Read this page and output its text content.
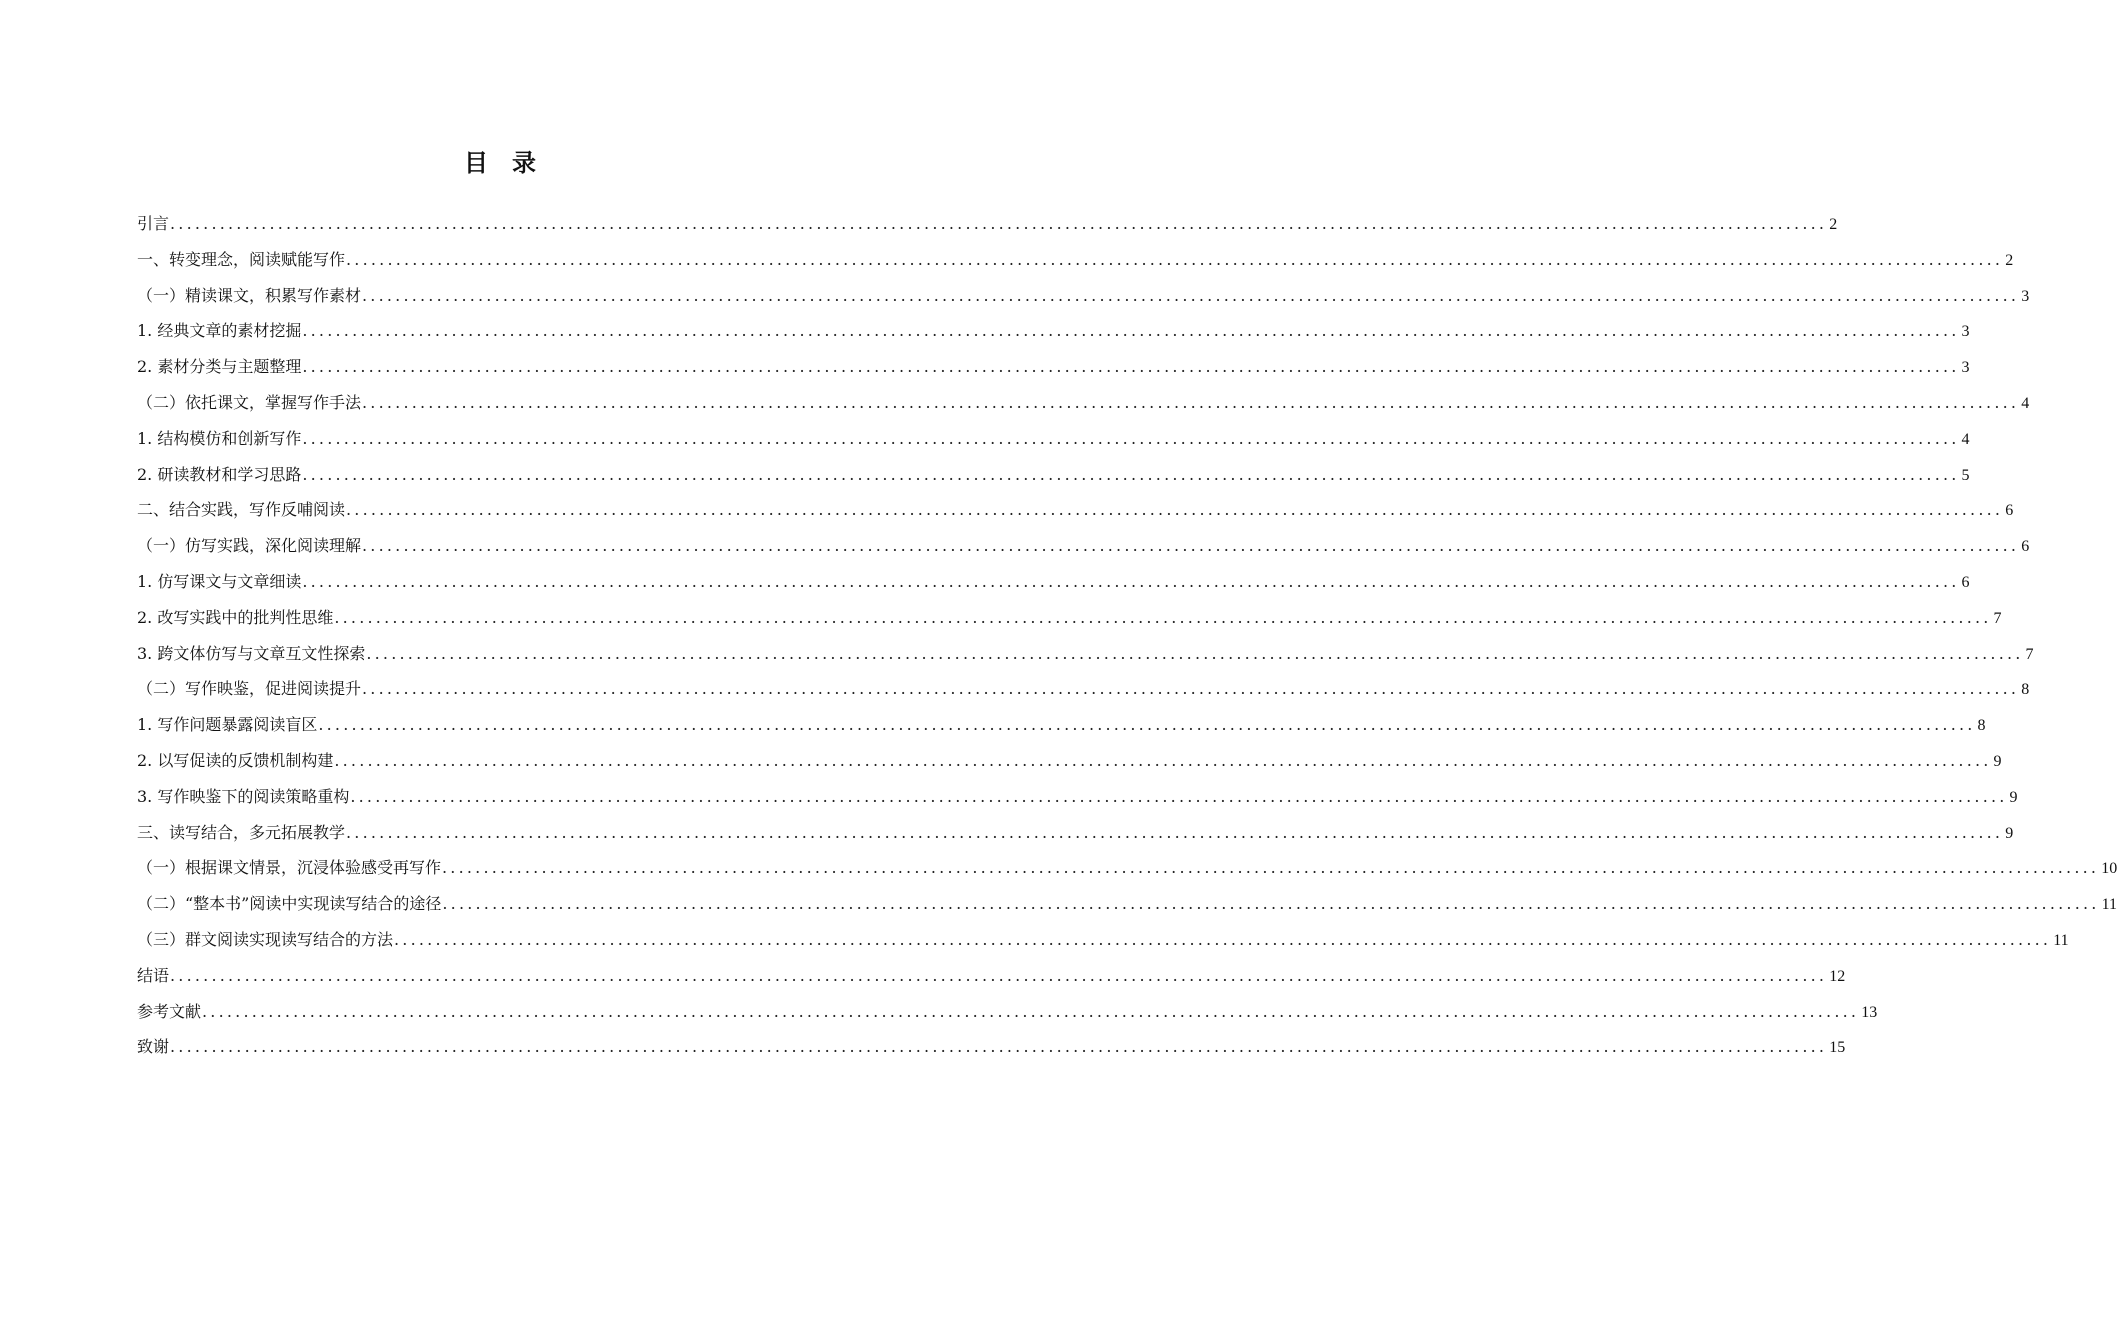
目 录
引言 ........................................................................................................................................................................................................ 2
一、转变理念，阅读赋能写作 ........................................................................................................................................................................................................ 2
（一）精读课文，积累写作素材 ........................................................................................................................................................................................................ 3
1. 经典文章的素材挖掘 ........................................................................................................................................................................................................ 3
2. 素材分类与主题整理 ........................................................................................................................................................................................................ 3
（二）依托课文，掌握写作手法 ........................................................................................................................................................................................................ 4
1. 结构模仿和创新写作 ........................................................................................................................................................................................................ 4
2. 研读教材和学习思路 ........................................................................................................................................................................................................ 5
二、结合实践，写作反哺阅读 ........................................................................................................................................................................................................ 6
（一）仿写实践，深化阅读理解 ........................................................................................................................................................................................................ 6
1. 仿写课文与文章细读 ........................................................................................................................................................................................................ 6
2. 改写实践中的批判性思维 ........................................................................................................................................................................................................ 7
3. 跨文体仿写与文章互文性探索 ........................................................................................................................................................................................................ 7
（二）写作映鉴，促进阅读提升 ........................................................................................................................................................................................................ 8
1. 写作问题暴露阅读盲区 ........................................................................................................................................................................................................ 8
2. 以写促读的反馈机制构建 ........................................................................................................................................................................................................ 9
3. 写作映鉴下的阅读策略重构 ........................................................................................................................................................................................................ 9
三、读写结合，多元拓展教学 ........................................................................................................................................................................................................ 9
（一）根据课文情景，沉浸体验感受再写作 ........................................................................................................................................................................................................ 10
（二）“整本书”阅读中实现读写结合的途径 ........................................................................................................................................................................................................ 11
（三）群文阅读实现读写结合的方法 ........................................................................................................................................................................................................ 11
结语 ........................................................................................................................................................................................................ 12
参考文献 ........................................................................................................................................................................................................ 13
致谢 ........................................................................................................................................................................................................ 15
